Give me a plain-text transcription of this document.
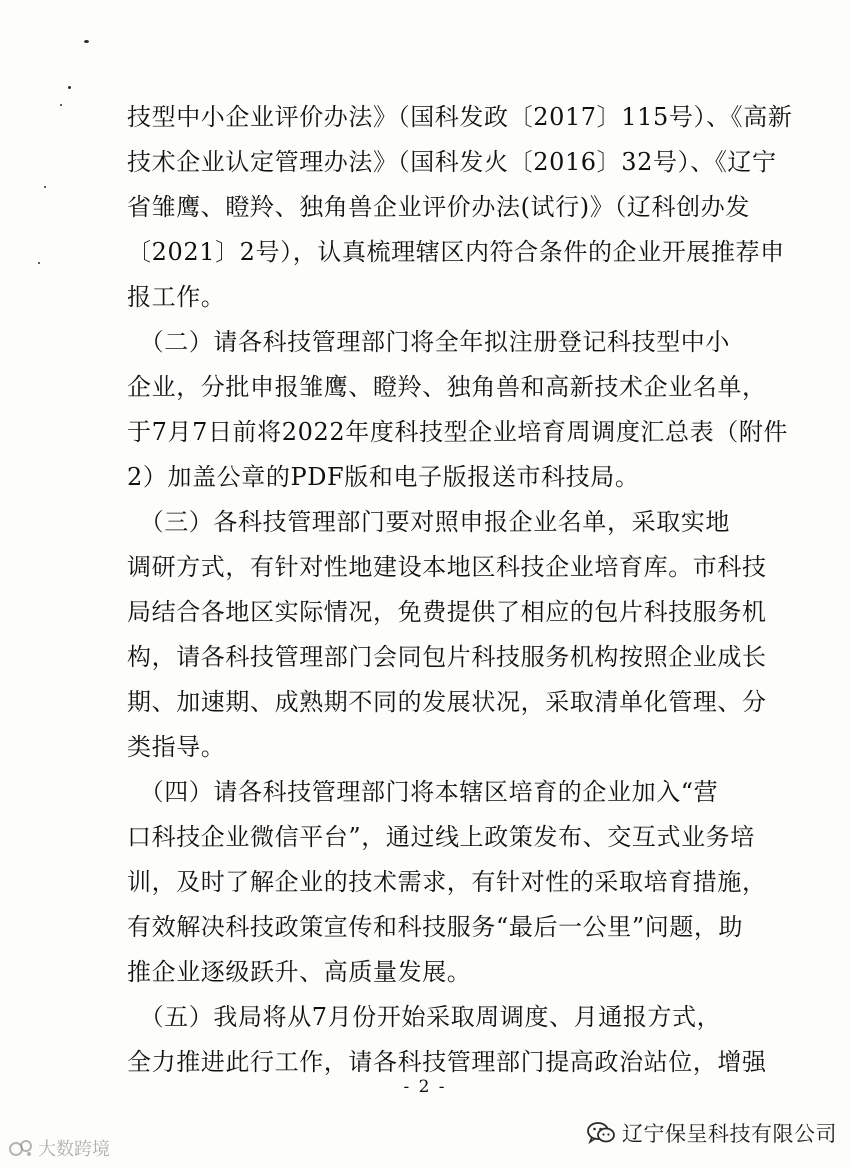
技型中小企业评价办法》（国科发政〔2017〕115号）、《高新
技术企业认定管理办法》（国科发火〔2016〕32号）、《辽宁
省雏鹰、瞪羚、独角兽企业评价办法(试行)》（辽科创办发
〔2021〕2号），认真梳理辖区内符合条件的企业开展推荐申
报工作。
　（二）请各科技管理部门将全年拟注册登记科技型中小
企业，分批申报雏鹰、瞪羚、独角兽和高新技术企业名单，
于7月7日前将2022年度科技型企业培育周调度汇总表（附件
2）加盖公章的PDF版和电子版报送市科技局。
　（三）各科技管理部门要对照申报企业名单，采取实地
调研方式，有针对性地建设本地区科技企业培育库。市科技
局结合各地区实际情况，免费提供了相应的包片科技服务机
构，请各科技管理部门会同包片科技服务机构按照企业成长
期、加速期、成熟期不同的发展状况，采取清单化管理、分
类指导。
　（四）请各科技管理部门将本辖区培育的企业加入“营
口科技企业微信平台”，通过线上政策发布、交互式业务培
训，及时了解企业的技术需求，有针对性的采取培育措施，
有效解决科技政策宣传和科技服务“最后一公里”问题，助
推企业逐级跃升、高质量发展。
　（五）我局将从7月份开始采取周调度、月通报方式，
全力推进此行工作，请各科技管理部门提高政治站位，增强
- 2 -
大数跨境
辽宁保呈科技有限公司
